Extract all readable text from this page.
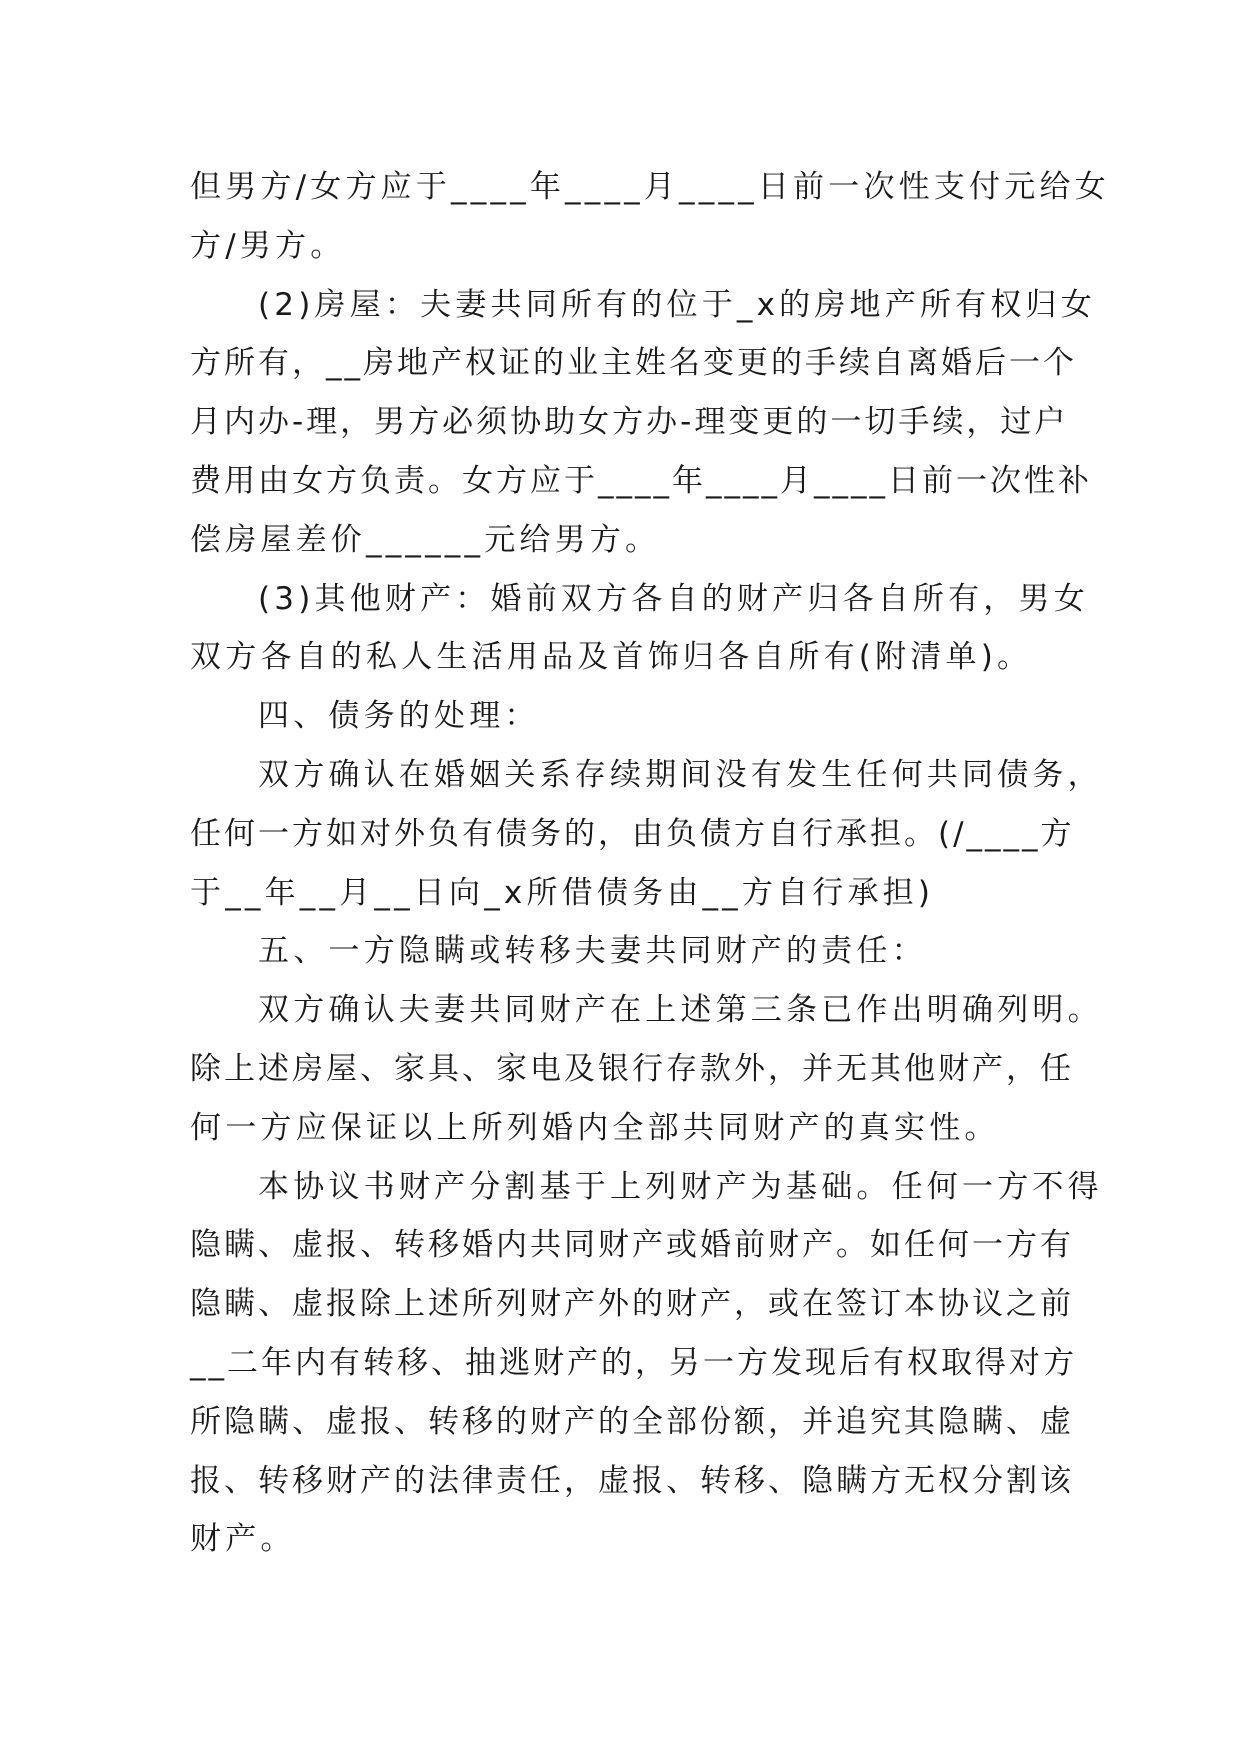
但男方/女方应于____年____月____日前一次性支付元给女
方/男方。
(2)房屋：夫妻共同所有的位于_x的房地产所有权归女
方所有，__房地产权证的业主姓名变更的手续自离婚后一个
月内办-理，男方必须协助女方办-理变更的一切手续，过户
费用由女方负责。女方应于____年____月____日前一次性补
偿房屋差价______元给男方。
(3)其他财产：婚前双方各自的财产归各自所有，男女
双方各自的私人生活用品及首饰归各自所有(附清单)。
四、债务的处理：
双方确认在婚姻关系存续期间没有发生任何共同债务，
任何一方如对外负有债务的，由负债方自行承担。(/____方
于__年__月__日向_x所借债务由__方自行承担)
五、一方隐瞒或转移夫妻共同财产的责任：
双方确认夫妻共同财产在上述第三条已作出明确列明。
除上述房屋、家具、家电及银行存款外，并无其他财产，任
何一方应保证以上所列婚内全部共同财产的真实性。
本协议书财产分割基于上列财产为基础。任何一方不得
隐瞒、虚报、转移婚内共同财产或婚前财产。如任何一方有
隐瞒、虚报除上述所列财产外的财产，或在签订本协议之前
__二年内有转移、抽逃财产的，另一方发现后有权取得对方
所隐瞒、虚报、转移的财产的全部份额，并追究其隐瞒、虚
报、转移财产的法律责任，虚报、转移、隐瞒方无权分割该
财产。
